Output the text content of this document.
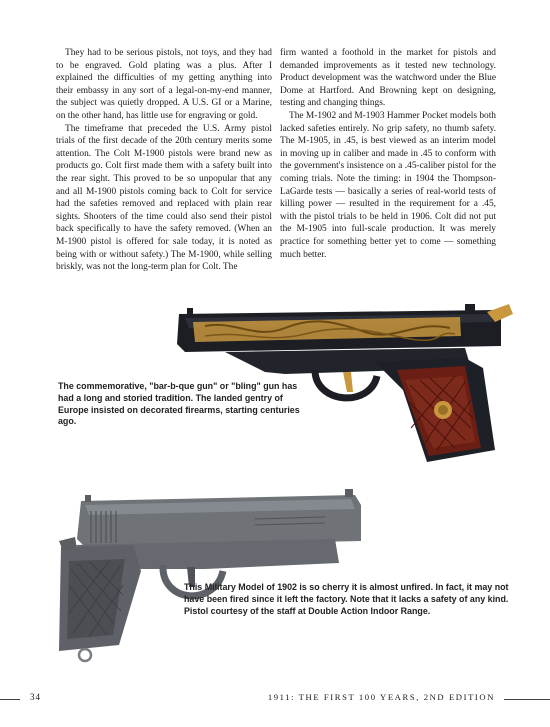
They had to be serious pistols, not toys, and they had to be engraved. Gold plating was a plus. After I explained the difficulties of my getting anything into their embassy in any sort of a legal-on-my-end manner, the subject was quietly dropped. A U.S. GI or a Marine, on the other hand, has little use for engraving or gold.

The timeframe that preceded the U.S. Army pistol trials of the first decade of the 20th century merits some attention. The Colt M-1900 pistols were brand new as products go. Colt first made them with a safety built into the rear sight. This proved to be so unpopular that any and all M-1900 pistols coming back to Colt for service had the safeties removed and replaced with plain rear sights. Shooters of the time could also send their pistol back specifically to have the safety removed. (When an M-1900 pistol is offered for sale today, it is noted as being with or without safety.) The M-1900, while selling briskly, was not the long-term plan for Colt. The

firm wanted a foothold in the market for pistols and demanded improvements as it tested new technology. Product development was the watchword under the Blue Dome at Hartford. And Browning kept on designing, testing and changing things.

The M-1902 and M-1903 Hammer Pocket models both lacked safeties entirely. No grip safety, no thumb safety. The M-1905, in .45, is best viewed as an interim model in moving up in caliber and made in .45 to conform with the government's insistence on a .45-caliber pistol for the coming trials. Note the timing: in 1904 the Thompson-LaGarde tests — basically a series of real-world tests of killing power — resulted in the requirement for a .45, with the pistol trials to be held in 1906. Colt did not put the M-1905 into full-scale production. It was merely practice for something better yet to come — something much better.

The commemorative, "bar-b-que gun" or "bling" gun has had a long and storied tradition. The landed gentry of Europe insisted on decorated firearms, starting centuries ago.
This Military Model of 1902 is so cherry it is almost unfired. In fact, it may not have been fired since it left the factory. Note that it lacks a safety of any kind. Pistol courtesy of the staff at Double Action Indoor Range.
34	1911: THE FIRST 100 YEARS, 2ND EDITION
